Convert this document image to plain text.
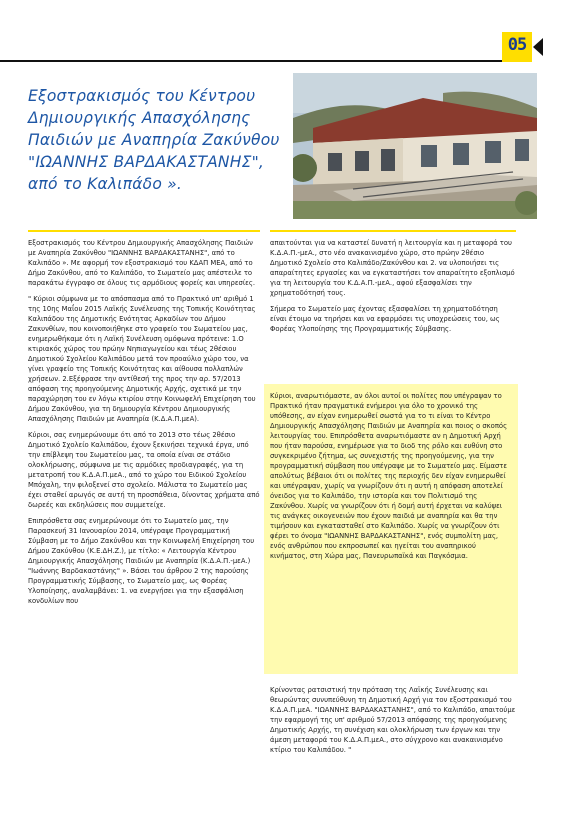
05
Εξοστρακισμός του Κέντρου Δημιουργικής Απασχόλησης Παιδιών με Αναπηρία Ζακύνθου "ΙΩΑΝΝΗΣ ΒΑΡΔΑΚΑΣΤΑΝΗΣ", από το Καλιπάδο ».

Εξοστρακισμός του Κέντρου Δημιουργικής Απασχόλησης Παιδιών με Αναπηρία Ζακύνθου "ΙΩΑΝΝΗΣ ΒΑΡΔΑΚΑΣΤΑΝΗΣ", από το Καλιπάδο ». Με αφορμή τον εξοστρακισμό του ΚΔΑΠ ΜΕΑ, από το Δήμο Ζακύνθου, από το Καλιπάδο, το Σωματείο μας απέστειλε το παρακάτω έγγραφο σε όλους τις αρμόδιους φορείς και υπηρεσίες.

" Κύριοι σύμφωνα με το απόσπασμα από το Πρακτικό υπ' αριθμό 1 της 10ης Μαΐου 2015 Λαϊκής Συνέλευσης της Τοπικής Κοινότητας Καλιπάδου της Δημοτικής Ενότητας Αρκαδίων του Δήμου Ζακυνθίων, που κοινοποιήθηκε στο γραφείο του Σωματείου μας, ενημερωθήκαμε ότι η Λαϊκή Συνέλευση ομόφωνα πρότεινε: 1.Ο κτιριακός χώρος του πρώην Νηπιαγωγείου και τέως 2θέσιου Δημοτικού Σχολείου Καλιπάδου μετά τον προαύλιο χώρο του, να γίνει γραφείο της Τοπικής Κοινότητας και αίθουσα πολλαπλών χρήσεων. 2.Εξέφρασε την αντίθεσή της προς την αρ. 57/2013 απόφαση της προηγούμενης Δημοτικής Αρχής, σχετικά με την παραχώρηση του εν λόγω κτιρίου στην Κοινωφελή Επιχείρηση του Δήμου Ζακύνθου, για τη δημιουργία Κέντρου Δημιουργικής Απασχόλησης Παιδιών με Αναπηρία (Κ.Δ.Α.Π.μεΑ).

Κύριοι, σας ενημερώνουμε ότι από το 2013 στο τέως 2θέσιο Δημοτικό Σχολείο Καλιπάδου, έχουν ξεκινήσει τεχνικά έργα, υπό την επίβλεψη του Σωματείου μας, τα οποία είναι σε στάδιο ολοκλήρωσης, σύμφωνα με τις αρμόδιες προδιαγραφές, για τη μετατροπή του Κ.Δ.Α.Π.μεΑ., από το χώρο του Ειδικού Σχολείου Μπόχαλη, την φιλοξενεί στο σχολείο. Μάλιστα το Σωματείο μας έχει σταθεί αρωγός σε αυτή τη προσπάθεια, δίνοντας χρήματα από δωρεές και εκδηλώσεις που συμμετείχε.

Επιπρόσθετα σας ενημερώνουμε ότι το Σωματείο μας, την Παρασκευή 31 Ιανουαρίου 2014, υπέγραψε Προγραμματική Σύμβαση με το Δήμο Ζακύνθου και την Κοινωφελή Επιχείρηση του Δήμου Ζακύνθου (Κ.Ε.ΔΗ.Ζ.), με τίτλο: « Λειτουργία Κέντρου Δημιουργικής Απασχόλησης Παιδιών με Αναπηρία (Κ.Δ.Α.Π.-μεΑ.) "Ιωάννης Βαρδακαστάνης" ». Βάσει του άρθρου 2 της παρούσης Προγραμματικής Σύμβασης, το Σωματείο μας, ως Φορέας Υλοποίησης, αναλαμβάνει: 1. να ενεργήσει για την εξασφάλιση κονδυλίων που

απαιτούνται για να καταστεί δυνατή η λειτουργία και η μεταφορά του Κ.Δ.Α.Π.-μεΑ., στο νέο ανακαινισμένο χώρο, στο πρώην 2θέσιο Δημοτικό Σχολείο στο Καλιπάδο/Ζακύνθου και 2. να υλοποιήσει τις απαραίτητες εργασίες και να εγκαταστήσει τον απαραίτητο εξοπλισμό για τη λειτουργία του Κ.Δ.Α.Π.-μεΑ., αφού εξασφαλίσει την χρηματοδότησή τους.

Σήμερα το Σωματείο μας έχοντας εξασφαλίσει τη χρηματοδότηση είναι έτοιμο να τηρήσει και να εφαρμόσει τις υποχρεώσεις του, ως Φορέας Υλοποίησης της Προγραμματικής Σύμβασης.

Κύριοι, αναρωτιόμαστε, αν όλοι αυτοί οι πολίτες που υπέγραψαν το Πρακτικό ήταν πραγματικά ενήμεροι για όλο το χρονικό της υπόθεσης, αν είχαν ενημερωθεί σωστά για το τι είναι το Κέντρο Δημιουργικής Απασχόλησης Παιδιών με Αναπηρία και ποιος ο σκοπός λειτουργίας του. Επιπρόσθετα αναρωτιόμαστε αν η Δημοτική Αρχή που ήταν παρούσα, ενημέρωσε για το διοδ της ρόλο και ευθύνη στο συγκεκριμένο ζήτημα, ως συνεχιστής της προηγούμενης, για την προγραμματική σύμβαση που υπέγραψε με το Σωματείο μας. Είμαστε απολύτως βέβαιοι ότι οι πολίτες της περιοχής δεν είχαν ενημερωθεί και υπέγραψαν, χωρίς να γνωρίζουν ότι η αυτή η απόφαση αποτελεί όνειδος για το Καλιπάδο, την ιστορία και τον Πολιτισμό της Ζακύνθου. Χωρίς να γνωρίζουν ότι ή δομή αυτή έρχεται να καλύψει τις ανάγκες οικογενειών που έχουν παιδιά με αναπηρία και θα την τιμήσουν και εγκατασταθεί στο Καλιπάδο. Χωρίς να γνωρίζουν ότι φέρει το όνομα "ΙΩΑΝΝΗΣ ΒΑΡΔΑΚΑΣΤΑΝΗΣ", ενός συμπολίτη μας, ενός ανθρώπου που εκπροσωπεί και ηγείται του αναπηρικού κινήματος, στη Χώρα μας, Πανευρωπαϊκά και Παγκόσμια.
Κρίνοντας ρατσιστική την πρόταση της Λαϊκής Συνέλευσης και θεωρώντας συνυπεύθυνη τη Δημοτική Αρχή για τον εξοστρακισμό του Κ.Δ.Α.Π.μεΑ. "ΙΩΑΝΝΗΣ ΒΑΡΔΑΚΑΣΤΑΝΗΣ", από το Καλιπάδο, απαιτούμε την εφαρμογή της υπ' αριθμού 57/2013 απόφασης της προηγούμενης Δημοτικής Αρχής, τη συνέχιση και ολοκλήρωση των έργων και την άμεση μεταφορά του Κ.Δ.Α.Π.μεΑ., στο σύγχρονο και ανακαινισμένο κτίριο του Καλιπάδου. "
